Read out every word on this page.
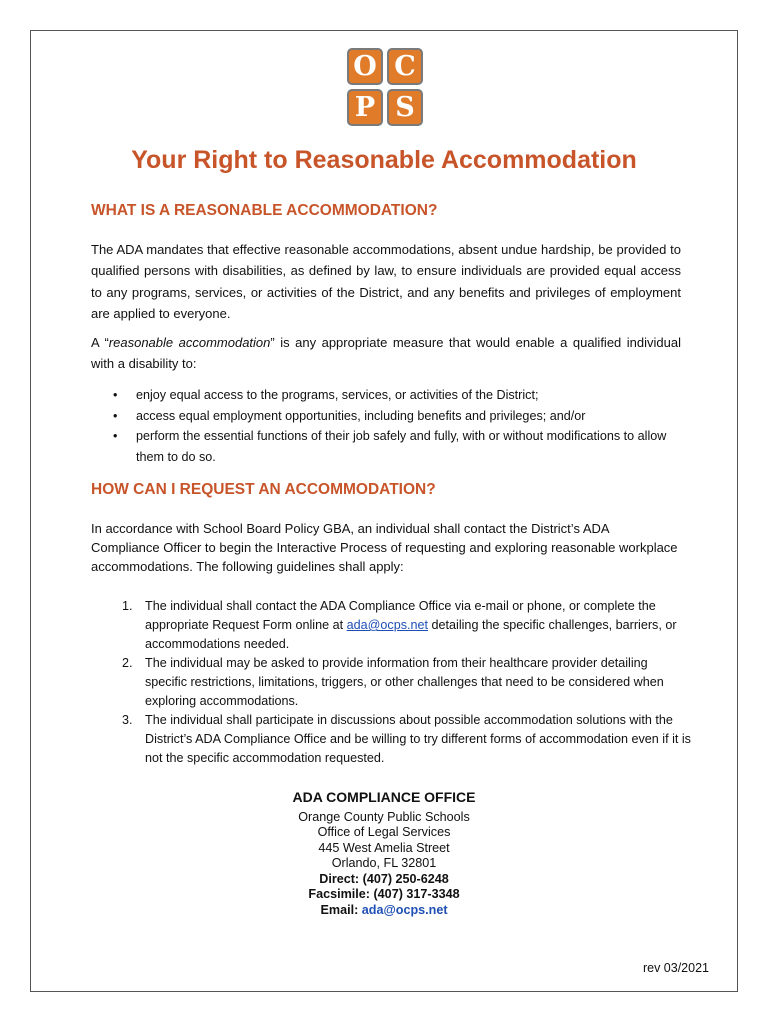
O C
P S
Your Right to Reasonable Accommodation
WHAT IS A REASONABLE ACCOMMODATION?

The ADA mandates that effective reasonable accommodations, absent undue hardship, be provided to qualified persons with disabilities, as defined by law, to ensure individuals are provided equal access to any programs, services, or activities of the District, and any benefits and privileges of employment are applied to everyone.

A “reasonable accommodation” is any appropriate measure that would enable a qualified individual with a disability to:

• enjoy equal access to the programs, services, or activities of the District;
• access equal employment opportunities, including benefits and privileges; and/or
• perform the essential functions of their job safely and fully, with or without modifications to allow them to do so.
HOW CAN I REQUEST AN ACCOMMODATION?

In accordance with School Board Policy GBA, an individual shall contact the District’s ADA Compliance Officer to begin the Interactive Process of requesting and exploring reasonable workplace accommodations. The following guidelines shall apply:

1. The individual shall contact the ADA Compliance Office via e-mail or phone, or complete the appropriate Request Form online at ada@ocps.net detailing the specific challenges, barriers, or accommodations needed.
2. The individual may be asked to provide information from their healthcare provider detailing specific restrictions, limitations, triggers, or other challenges that need to be considered when exploring accommodations.
3. The individual shall participate in discussions about possible accommodation solutions with the District’s ADA Compliance Office and be willing to try different forms of accommodation even if it is not the specific accommodation requested.
ADA COMPLIANCE OFFICE
Orange County Public Schools
Office of Legal Services
445 West Amelia Street
Orlando, FL 32801
Direct: (407) 250-6248
Facsimile: (407) 317-3348
Email: ada@ocps.net
rev 03/2021
